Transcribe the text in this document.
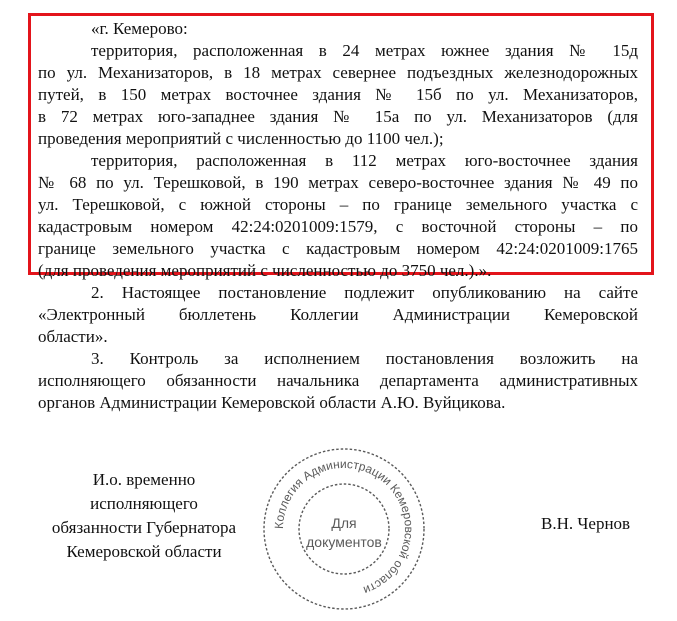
«г. Кемерово:
территория, расположенная в 24 метрах южнее здания № 15д
по ул. Механизаторов, в 18 метрах севернее подъездных железнодорожных
путей, в 150 метрах восточнее здания № 15б по ул. Механизаторов,
в 72 метрах юго-западнее здания № 15а по ул. Механизаторов (для
проведения мероприятий с численностью до 1100 чел.);
территория, расположенная в 112 метрах юго-восточнее здания
№ 68 по ул. Терешковой, в 190 метрах северо-восточнее здания № 49 по
ул. Терешковой, с южной стороны – по границе земельного участка с
кадастровым номером 42:24:0201009:1579, с восточной стороны – по
границе земельного участка с кадастровым номером 42:24:0201009:1765
(для проведения мероприятий с численностью до 3750 чел.).».
2. Настоящее постановление подлежит опубликованию на сайте
«Электронный бюллетень Коллегии Администрации Кемеровской
области».
3. Контроль за исполнением постановления возложить на
исполняющего обязанности начальника департамента административных
органов Администрации Кемеровской области А.Ю. Вуйцикова.
И.о. временно исполняющего
обязанности Губернатора
Кемеровской области
В.Н. Чернов
Коллегия Администрации Кемеровской области
Для
документов
